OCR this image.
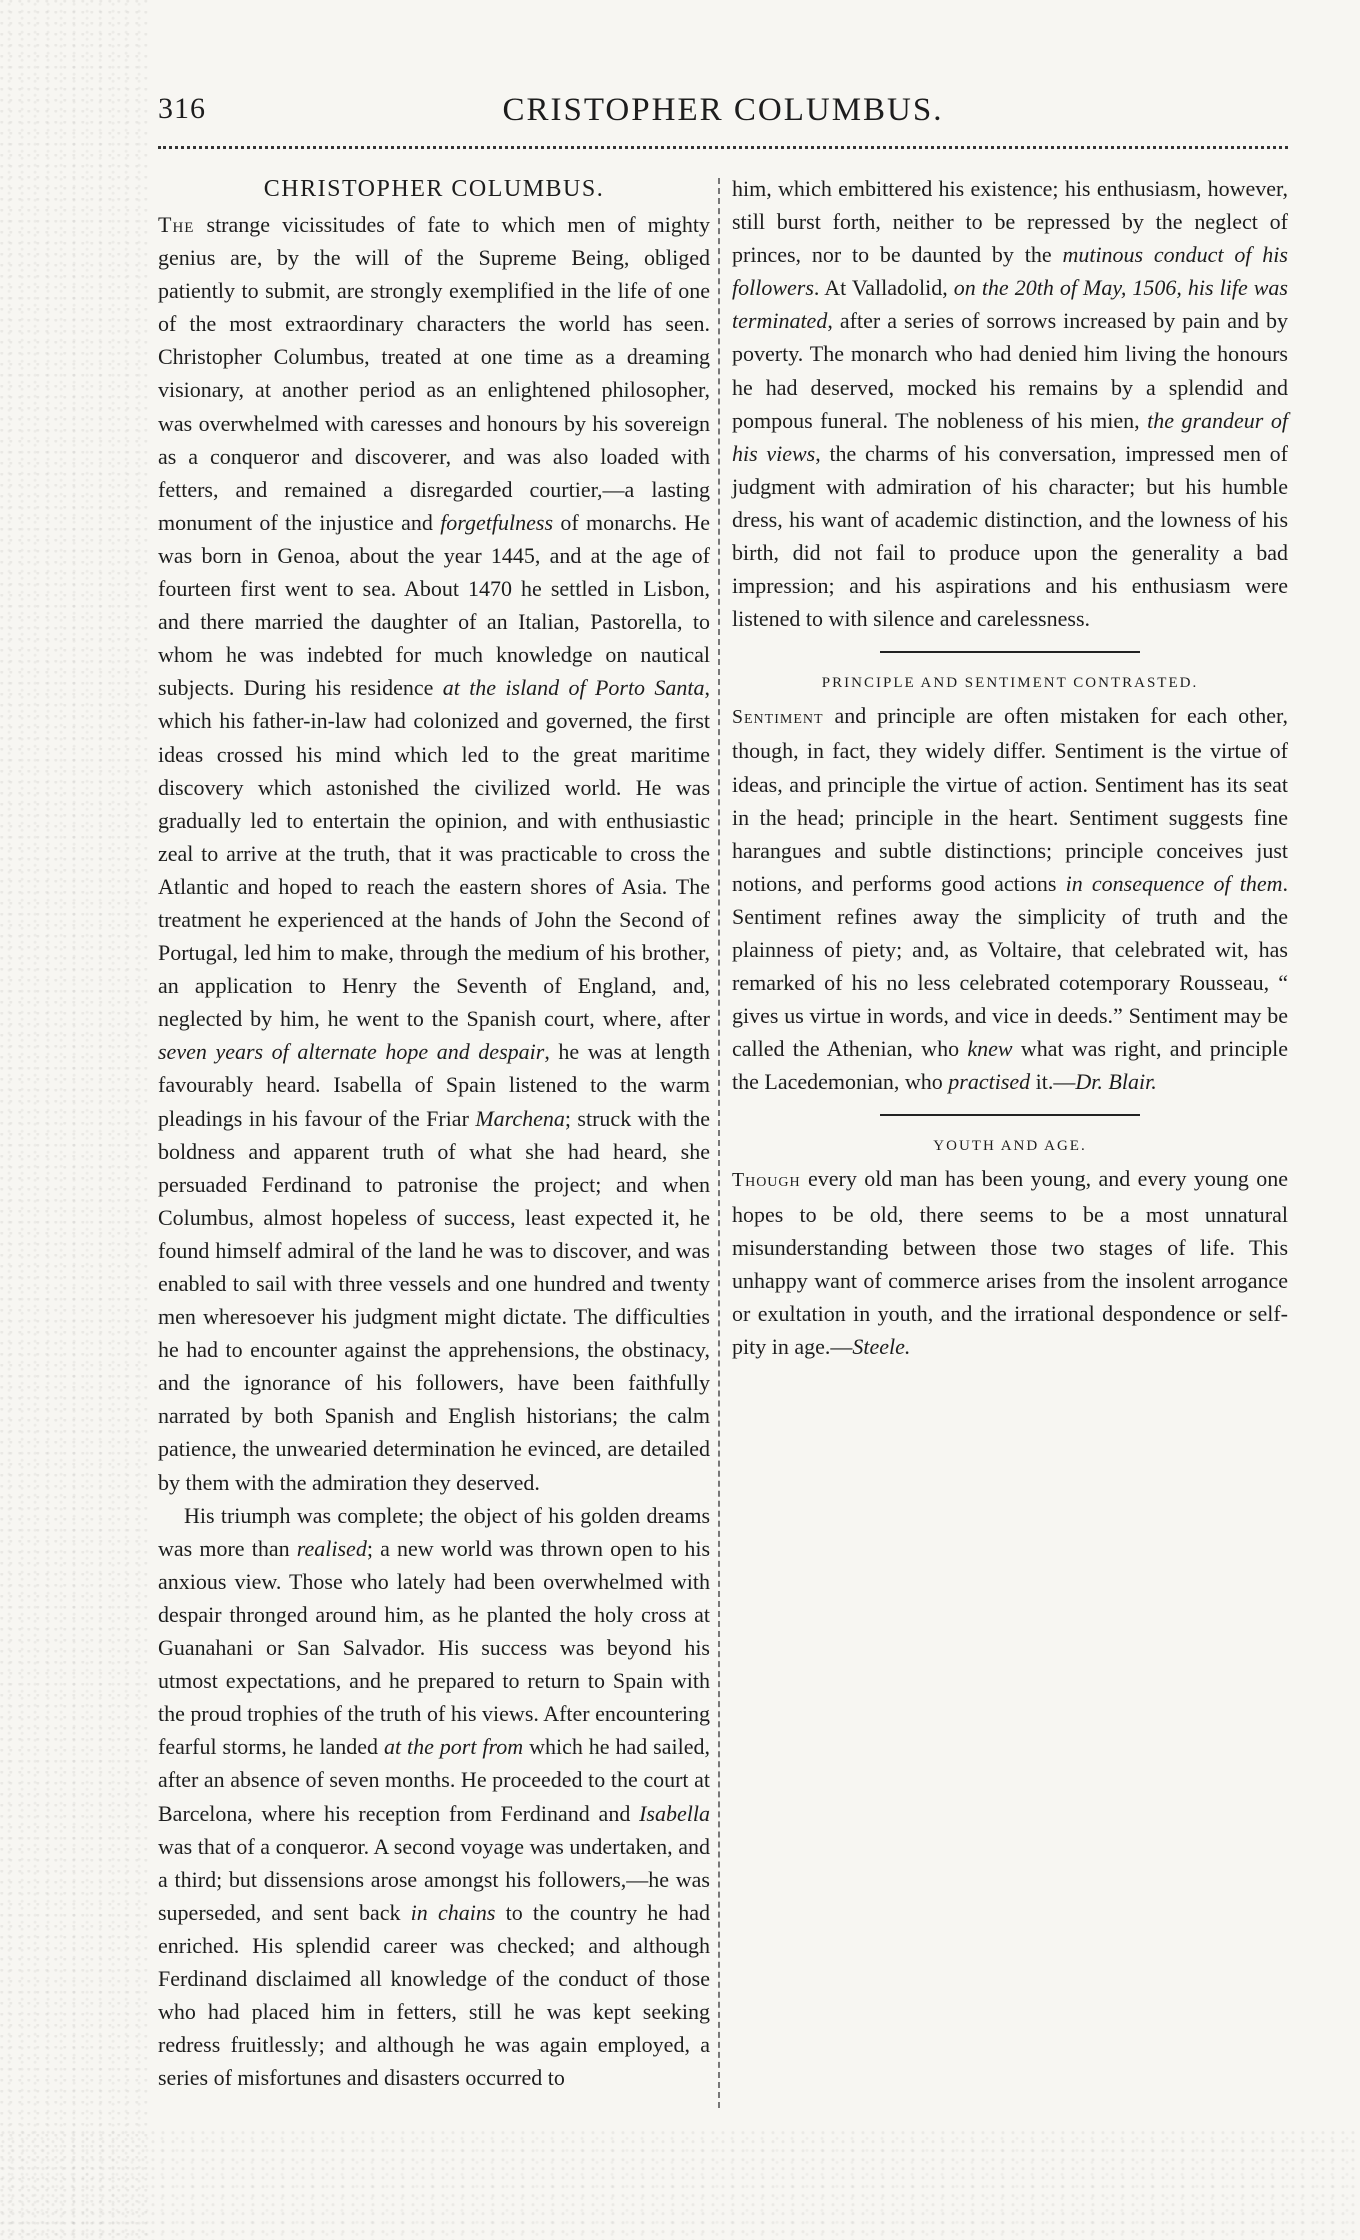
316	CRISTOPHER COLUMBUS.
CHRISTOPHER COLUMBUS.

The strange vicissitudes of fate to which men of mighty genius are, by the will of the Supreme Being, obliged patiently to submit, are strongly exemplified in the life of one of the most extraordinary characters the world has seen. Christopher Columbus, treated at one time as a dreaming visionary, at another period as an enlightened philosopher, was overwhelmed with caresses and honours by his sovereign as a conqueror and discoverer, and was also loaded with fetters, and remained a disregarded courtier,—a lasting monument of the injustice and forgetfulness of monarchs. He was born in Genoa, about the year 1445, and at the age of fourteen first went to sea. About 1470 he settled in Lisbon, and there married the daughter of an Italian, Pastorella, to whom he was indebted for much knowledge on nautical subjects. During his residence at the island of Porto Santa, which his father-in-law had colonized and governed, the first ideas crossed his mind which led to the great maritime discovery which astonished the civilized world. He was gradually led to entertain the opinion, and with enthusiastic zeal to arrive at the truth, that it was practicable to cross the Atlantic and hoped to reach the eastern shores of Asia. The treatment he experienced at the hands of John the Second of Portugal, led him to make, through the medium of his brother, an application to Henry the Seventh of England, and, neglected by him, he went to the Spanish court, where, after seven years of alternate hope and despair, he was at length favourably heard. Isabella of Spain listened to the warm pleadings in his favour of the Friar Marchena; struck with the boldness and apparent truth of what she had heard, she persuaded Ferdinand to patronise the project; and when Columbus, almost hopeless of success, least expected it, he found himself admiral of the land he was to discover, and was enabled to sail with three vessels and one hundred and twenty men wheresoever his judgment might dictate. The difficulties he had to encounter against the apprehensions, the obstinacy, and the ignorance of his followers, have been faithfully narrated by both Spanish and English historians; the calm patience, the unwearied determination he evinced, are detailed by them with the admiration they deserved.

His triumph was complete; the object of his golden dreams was more than realised; a new world was thrown open to his anxious view. Those who lately had been overwhelmed with despair thronged around him, as he planted the holy cross at Guanahani or San Salvador. His success was beyond his utmost expectations, and he prepared to return to Spain with the proud trophies of the truth of his views. After encountering fearful storms, he landed at the port from which he had sailed, after an absence of seven months. He proceeded to the court at Barcelona, where his reception from Ferdinand and Isabella was that of a conqueror. A second voyage was undertaken, and a third; but dissensions arose amongst his followers,—he was superseded, and sent back in chains to the country he had enriched. His splendid career was checked; and although Ferdinand disclaimed all knowledge of the conduct of those who had placed him in fetters, still he was kept seeking redress fruitlessly; and although he was again employed, a series of misfortunes and disasters occurred to

him, which embittered his existence; his enthusiasm, however, still burst forth, neither to be repressed by the neglect of princes, nor to be daunted by the mutinous conduct of his followers. At Valladolid, on the 20th of May, 1506, his life was terminated, after a series of sorrows increased by pain and by poverty. The monarch who had denied him living the honours he had deserved, mocked his remains by a splendid and pompous funeral. The nobleness of his mien, the grandeur of his views, the charms of his conversation, impressed men of judgment with admiration of his character; but his humble dress, his want of academic distinction, and the lowness of his birth, did not fail to produce upon the generality a bad impression; and his aspirations and his enthusiasm were listened to with silence and carelessness.

PRINCIPLE AND SENTIMENT CONTRASTED.

Sentiment and principle are often mistaken for each other, though, in fact, they widely differ. Sentiment is the virtue of ideas, and principle the virtue of action. Sentiment has its seat in the head; principle in the heart. Sentiment suggests fine harangues and subtle distinctions; principle conceives just notions, and performs good actions in consequence of them. Sentiment refines away the simplicity of truth and the plainness of piety; and, as Voltaire, that celebrated wit, has remarked of his no less celebrated cotemporary Rousseau, “ gives us virtue in words, and vice in deeds.” Sentiment may be called the Athenian, who knew what was right, and principle the Lacedemonian, who practised it.—Dr. Blair.

YOUTH AND AGE.

Though every old man has been young, and every young one hopes to be old, there seems to be a most unnatural misunderstanding between those two stages of life. This unhappy want of commerce arises from the insolent arrogance or exultation in youth, and the irrational despondence or self-pity in age.—Steele.
